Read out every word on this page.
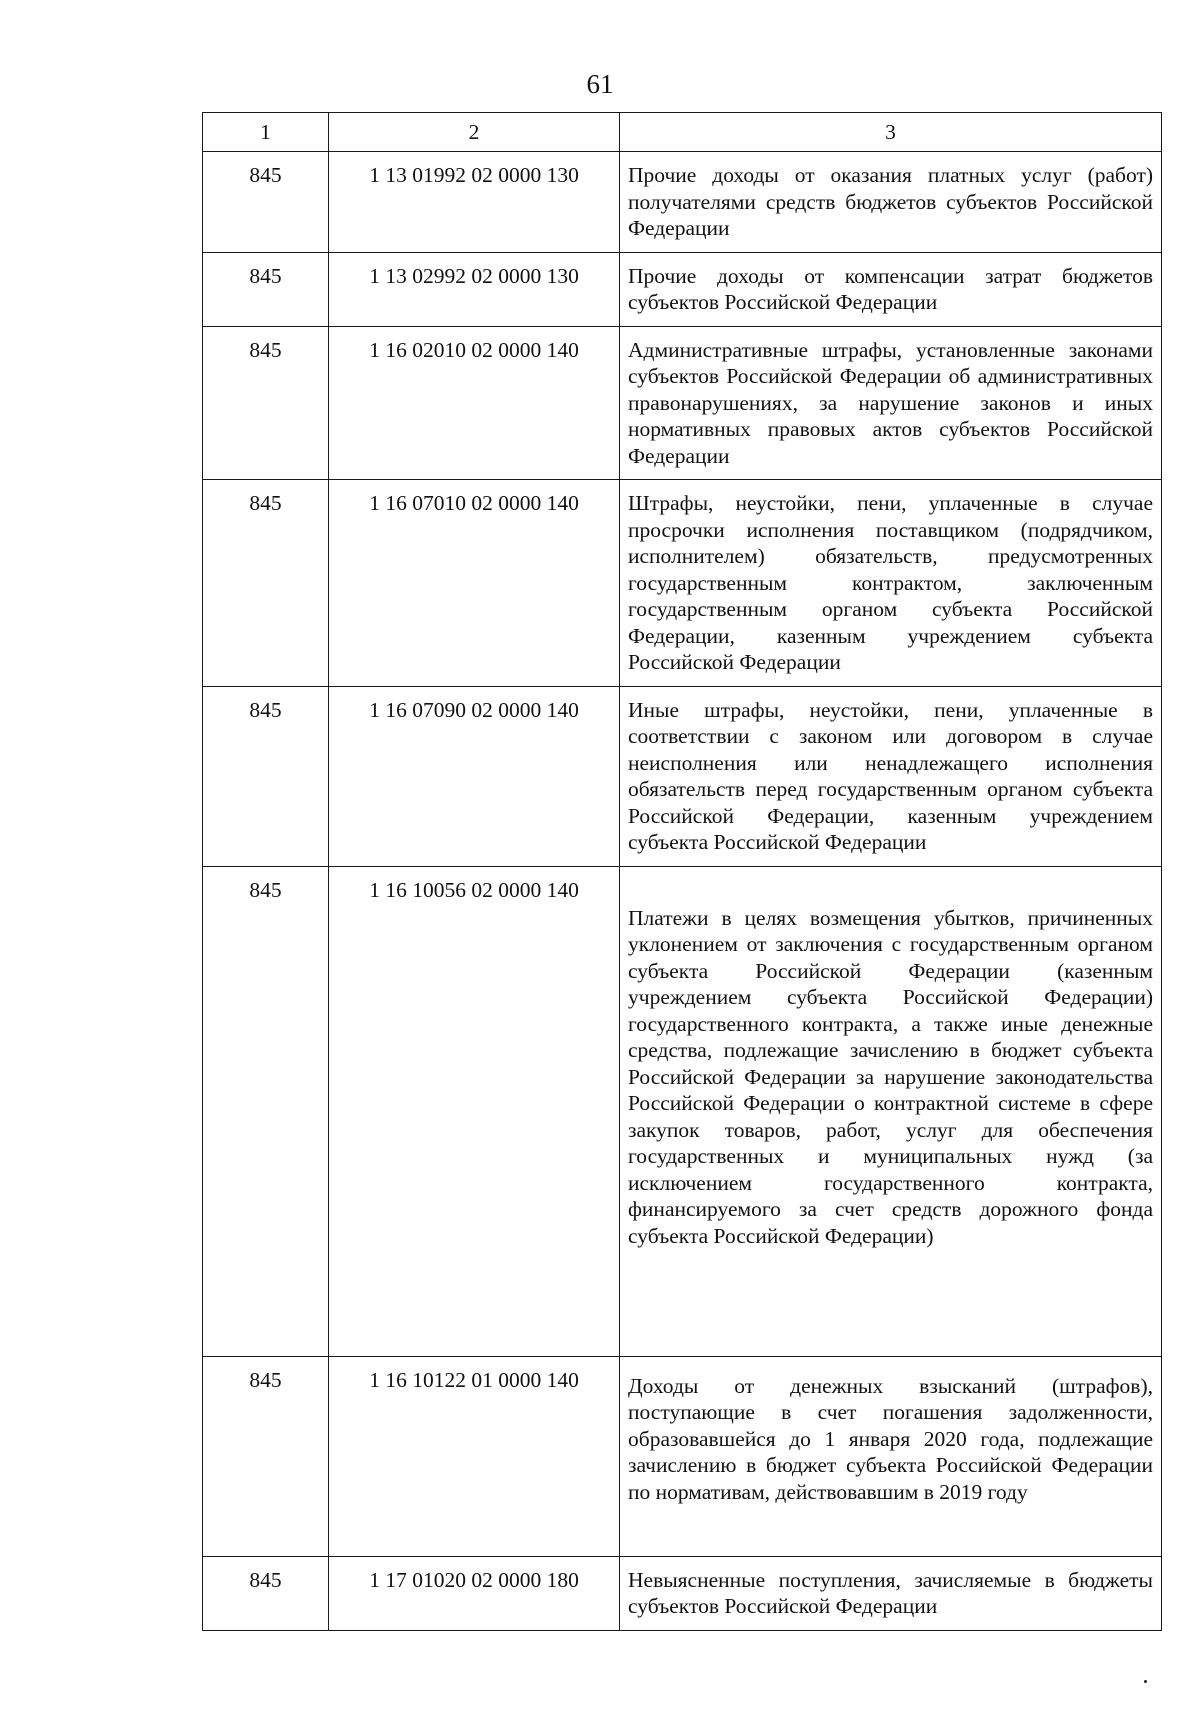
61
1	2	3
845	1 13 01992 02 0000 130	Прочие доходы от оказания платных услуг (работ) получателями средств бюджетов субъектов Российской Федерации

845	1 13 02992 02 0000 130	Прочие доходы от компенсации затрат бюджетов субъектов Российской Федерации

845	1 16 02010 02 0000 140	Административные штрафы, установленные законами субъектов Российской Федерации об административных правонарушениях, за нарушение законов и иных нормативных правовых актов субъектов Российской Федерации

845	1 16 07010 02 0000 140	Штрафы, неустойки, пени, уплаченные в случае просрочки исполнения поставщиком (подрядчиком, исполнителем) обязательств, предусмотренных государственным контрактом, заключенным государственным органом субъекта Российской Федерации, казенным учреждением субъекта Российской Федерации

845	1 16 07090 02 0000 140	Иные штрафы, неустойки, пени, уплаченные в соответствии с законом или договором в случае неисполнения или ненадлежащего исполнения обязательств перед государственным органом субъекта Российской Федерации, казенным учреждением субъекта Российской Федерации

845	1 16 10056 02 0000 140	Платежи в целях возмещения убытков, причиненных уклонением от заключения с государственным органом субъекта Российской Федерации (казенным учреждением субъекта Российской Федерации) государственного контракта, а также иные денежные средства, подлежащие зачислению в бюджет субъекта Российской Федерации за нарушение законодательства Российской Федерации о контрактной системе в сфере закупок товаров, работ, услуг для обеспечения государственных и муниципальных нужд (за исключением государственного контракта, финансируемого за счет средств дорожного фонда субъекта Российской Федерации)

845	1 16 10122 01 0000 140	Доходы от денежных взысканий (штрафов), поступающие в счет погашения задолженности, образовавшейся до 1 января 2020 года, подлежащие зачислению в бюджет субъекта Российской Федерации по нормативам, действовавшим в 2019 году

845	1 17 01020 02 0000 180	Невыясненные поступления, зачисляемые в бюджеты субъектов Российской Федерации
